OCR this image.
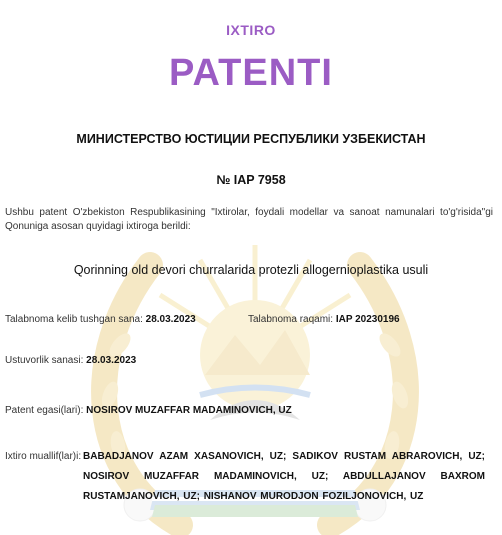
IXTIRO
PATENTI
МИНИСТЕРСТВО ЮСТИЦИИ РЕСПУБЛИКИ УЗБЕКИСТАН
№ IAP 7958
Ushbu patent O'zbekiston Respublikasining "Ixtirolar, foydali modellar va sanoat namunalari to'g'risida"gi Qonuniga asosan quyidagi ixtiroga berildi:
Qorinning old devori churralarida protezli allogernioplastika usuli
Talabnoma kelib tushgan sana: 28.03.2023	Talabnoma raqami: IAP 20230196
Ustuvorlik sanasi: 28.03.2023
Patent egasi(lari): NOSIROV MUZAFFAR MADAMINOVICH, UZ
Ixtiro muallif(lar)i: BABADJANOV AZAM XASANOVICH, UZ; SADIKOV RUSTAM ABRAROVICH, UZ; NOSIROV MUZAFFAR MADAMINOVICH, UZ; ABDULLAJANOV BAXROM RUSTAMJANOVICH, UZ; NISHANOV MURODJON FOZILJONOVICH, UZ
